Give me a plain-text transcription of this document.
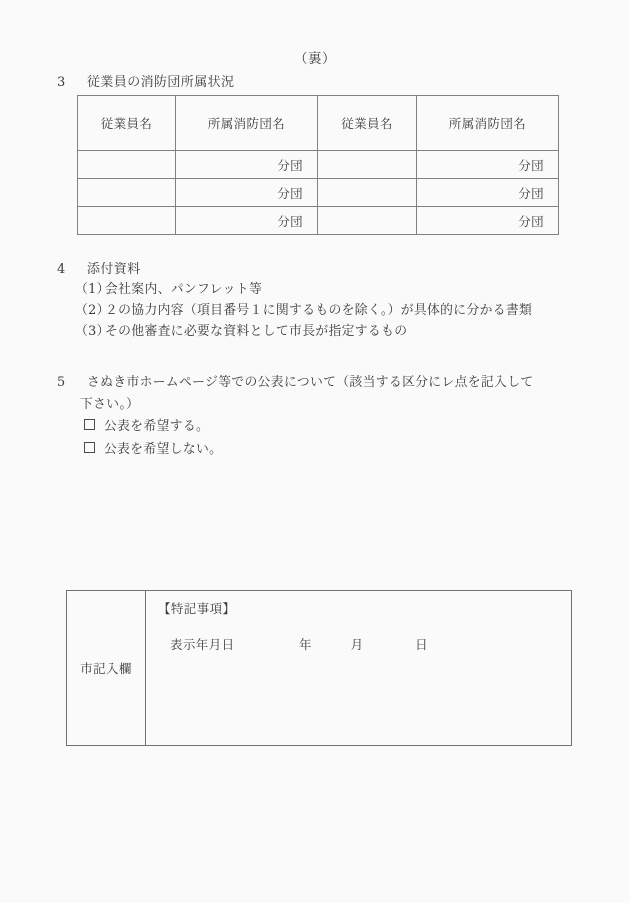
（裏）
3 従業員の消防団所属状況
従業員名	所属消防団名	従業員名	所属消防団名
	分団		分団
	分団		分団
	分団		分団
4 添付資料
（1）会社案内、パンフレット等
（2）２の協力内容（項目番号１に関するものを除く。）が具体的に分かる書類
（3）その他審査に必要な資料として市長が指定するもの
5 さぬき市ホームページ等での公表について（該当する区分にレ点を記入して
下さい。）
公表を希望する。
公表を希望しない。
市記入欄
【特記事項】
表示年月日　　　　　年　　　月　　　　日
